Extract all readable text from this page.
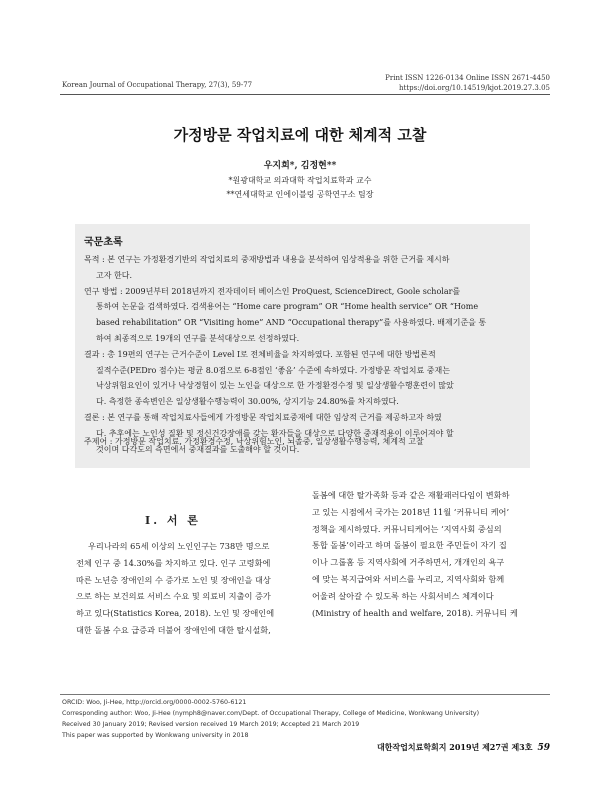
Korean Journal of Occupational Therapy, 27(3), 59-77
Print ISSN 1226-0134 Online ISSN 2671-4450
https://doi.org/10.14519/kjot.2019.27.3.05
가정방문 작업치료에 대한 체계적 고찰
우지희*, 김정현**
*원광대학교 의과대학 작업치료학과 교수
**연세대학교 인에이블링 공학연구소 팀장
국문초록

목적 : 본 연구는 가정환경기반의 작업치료의 중재방법과 내용을 분석하여 임상적용을 위한 근거를 제시하

고자 한다.

연구 방법 : 2009년부터 2018년까지 전자데이터 베이스인 ProQuest, ScienceDirect, Goole scholar를

통하여 논문을 검색하였다. 검색용어는 “Home care program” OR “Home health service” OR “Home

based rehabilitation” OR “Visiting home” AND “Occupational therapy”를 사용하였다. 배제기준을 통

하여 최종적으로 19개의 연구를 분석대상으로 선정하였다.

결과 : 총 19편의 연구는 근거수준이 Level Ⅰ로 전체비율을 차지하였다. 포함된 연구에 대한 방법론적

질적수준(PEDro 점수)는 평균 8.0점으로 6-8점인 ‘좋음’ 수준에 속하였다. 가정방문 작업치료 중재는

낙상위험요인이 있거나 낙상경험이 있는 노인을 대상으로 한 가정환경수정 및 일상생활수행훈련이 많았

다. 측정한 종속변인은 일상생활수행능력이 30.00%, 상지기능 24.80%를 차지하였다.

결론 : 본 연구를 통해 작업치료사들에게 가정방문 작업치료중재에 대한 임상적 근거를 제공하고자 하였

다. 추후에는 노인성 질환 및 정신건강장애를 갖는 환자들을 대상으로 다양한 중재적용이 이루어져야 할

것이며 다각도의 측면에서 중재결과를 도출해야 할 것이다.

주제어 : 가정방문 작업치료, 가정환경수정, 낙상위험노인, 뇌졸중, 일상생활수행능력, 체계적 고찰
Ⅰ. 서 론

우리나라의 65세 이상의 노인인구는 738만 명으로

전체 인구 중 14.30%를 차지하고 있다. 인구 고령화에

따른 노년층 장애인의 수 증가로 노인 및 장애인을 대상

으로 하는 보건의료 서비스 수요 및 의료비 지출이 증가

하고 있다(Statistics Korea, 2018). 노인 및 장애인에

대한 돌봄 수요 급증과 더불어 장애인에 대한 탈시설화,

돌봄에 대한 탈가족화 등과 같은 재활패러다임이 변화하

고 있는 시점에서 국가는 2018년 11월 ‘커뮤니티 케어’

정책을 제시하였다. 커뮤니티케어는 ‘지역사회 중심의

통합 돌봄’이라고 하며 돌봄이 필요한 주민들이 자기 집

이나 그룹홈 등 지역사회에 거주하면서, 개개인의 욕구

에 맞는 복지급여와 서비스를 누리고, 지역사회와 함께

어울려 살아갈 수 있도록 하는 사회서비스 체계이다

(Ministry of health and welfare, 2018). 커뮤니티 케

ORCID: Woo, Ji-Hee, http://orcid.org/0000-0002-5760-6121
Corresponding author: Woo, Ji-Hee (nymph8@naver.com/Dept. of Occupational Therapy, College of Medicine, Wonkwang University)
Received 30 January 2019; Revised version received 19 March 2019; Accepted 21 March 2019
This paper was supported by Wonkwang university in 2018
대한작업치료학회지 2019년 제27권 제3호 59
